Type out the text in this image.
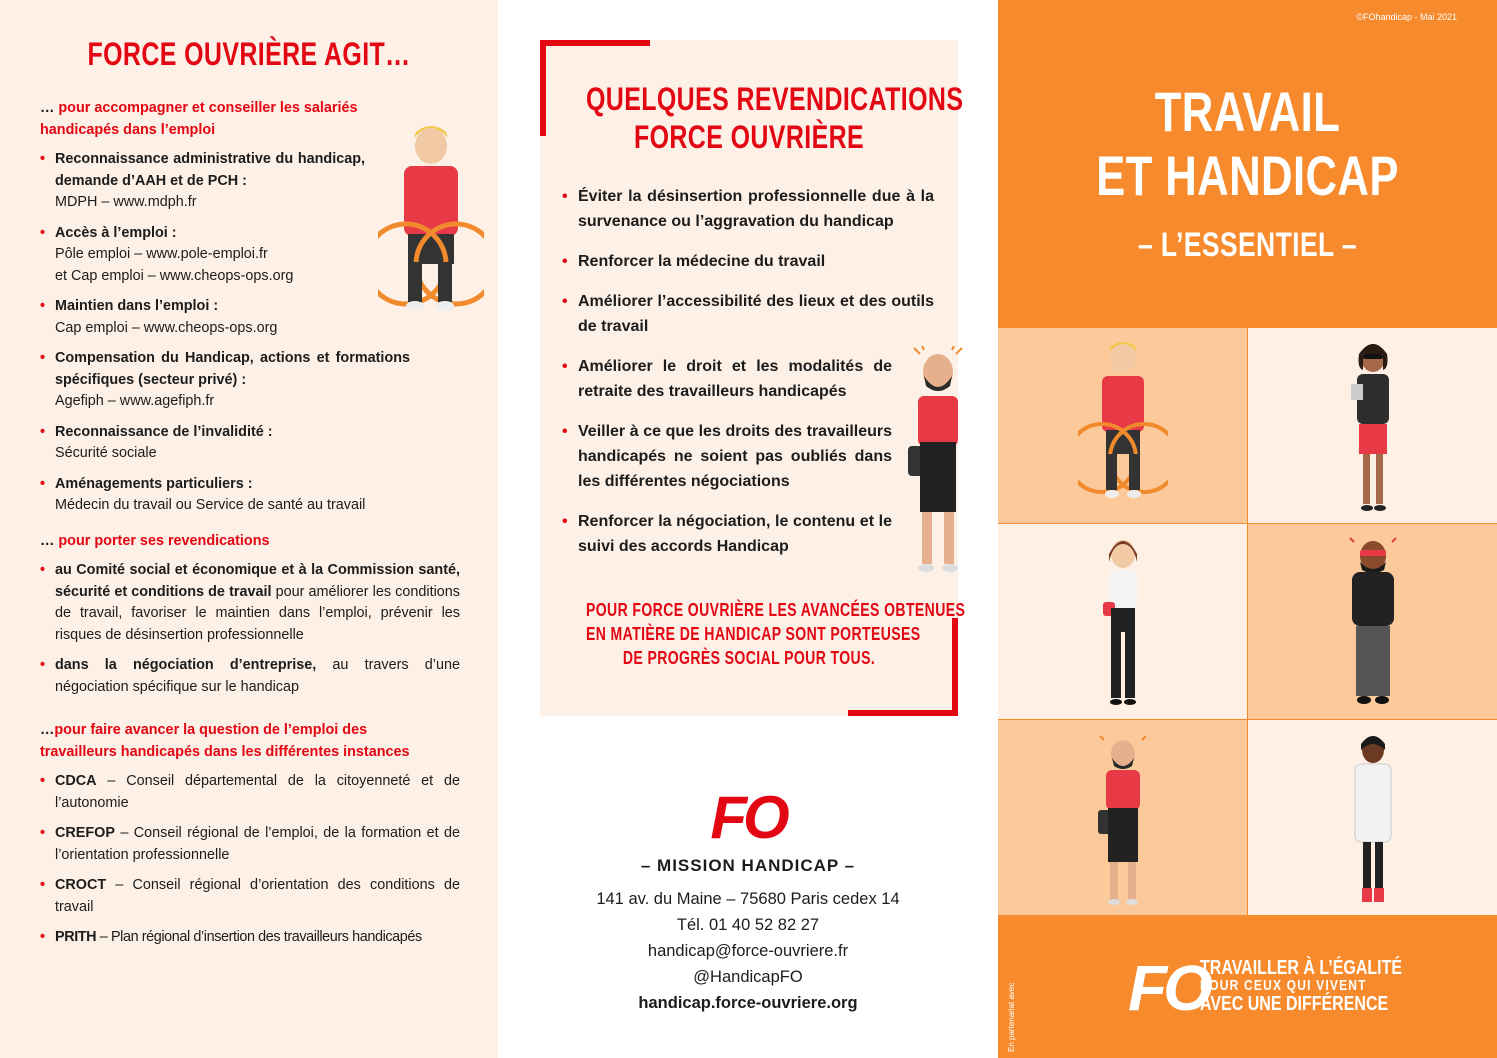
FORCE OUVRIÈRE AGIT…

… pour accompagner et conseiller les salariés handicapés dans l’emploi

• Reconnaissance administrative du handicap, demande d’AAH et de PCH :
MDPH – www.mdph.fr
• Accès à l’emploi :
Pôle emploi – www.pole-emploi.fr
et Cap emploi – www.cheops-ops.org
• Maintien dans l’emploi :
Cap emploi – www.cheops-ops.org
• Compensation du Handicap, actions et formations spécifiques (secteur privé) :
Agefiph – www.agefiph.fr
• Reconnaissance de l’invalidité :
Sécurité sociale
• Aménagements particuliers :
Médecin du travail ou Service de santé au travail

… pour porter ses revendications

• au Comité social et économique et à la Commission santé, sécurité et conditions de travail pour améliorer les conditions de travail, favoriser le maintien dans l’emploi, prévenir les risques de désinsertion professionnelle
• dans la négociation d’entreprise, au travers d’une négociation spécifique sur le handicap

…pour faire avancer la question de l’emploi des travailleurs handicapés dans les différentes instances

• CDCA – Conseil départemental de la citoyenneté et de l’autonomie
• CREFOP – Conseil régional de l’emploi, de la formation et de l’orientation professionnelle
• CROCT – Conseil régional d’orientation des conditions de travail
• PRITH – Plan régional d’insertion des travailleurs handicapés
QUELQUES REVENDICATIONS
FORCE OUVRIÈRE
• Éviter la désinsertion professionnelle due à la survenance ou l’aggravation du handicap
• Renforcer la médecine du travail
• Améliorer l’accessibilité des lieux et des outils de travail
• Améliorer le droit et les modalités de retraite des travailleurs handicapés
• Veiller à ce que les droits des travailleurs handicapés ne soient pas oubliés dans les différentes négociations
• Renforcer la négociation, le contenu et le suivi des accords Handicap
POUR FORCE OUVRIÈRE LES AVANCÉES OBTENUES
EN MATIÈRE DE HANDICAP SONT PORTEUSES
DE PROGRÈS SOCIAL POUR TOUS.
FO
– MISSION HANDICAP –
141 av. du Maine – 75680 Paris cedex 14
Tél. 01 40 52 82 27
handicap@force-ouvriere.fr
@HandicapFO
handicap.force-ouvriere.org
©FOhandicap - Mai 2021
TRAVAIL
ET HANDICAP
– L’ESSENTIEL –
En partenariat avec FO
TRAVAILLER À L’ÉGALITÉ
POUR CEUX QUI VIVENT
AVEC UNE DIFFÉRENCE
